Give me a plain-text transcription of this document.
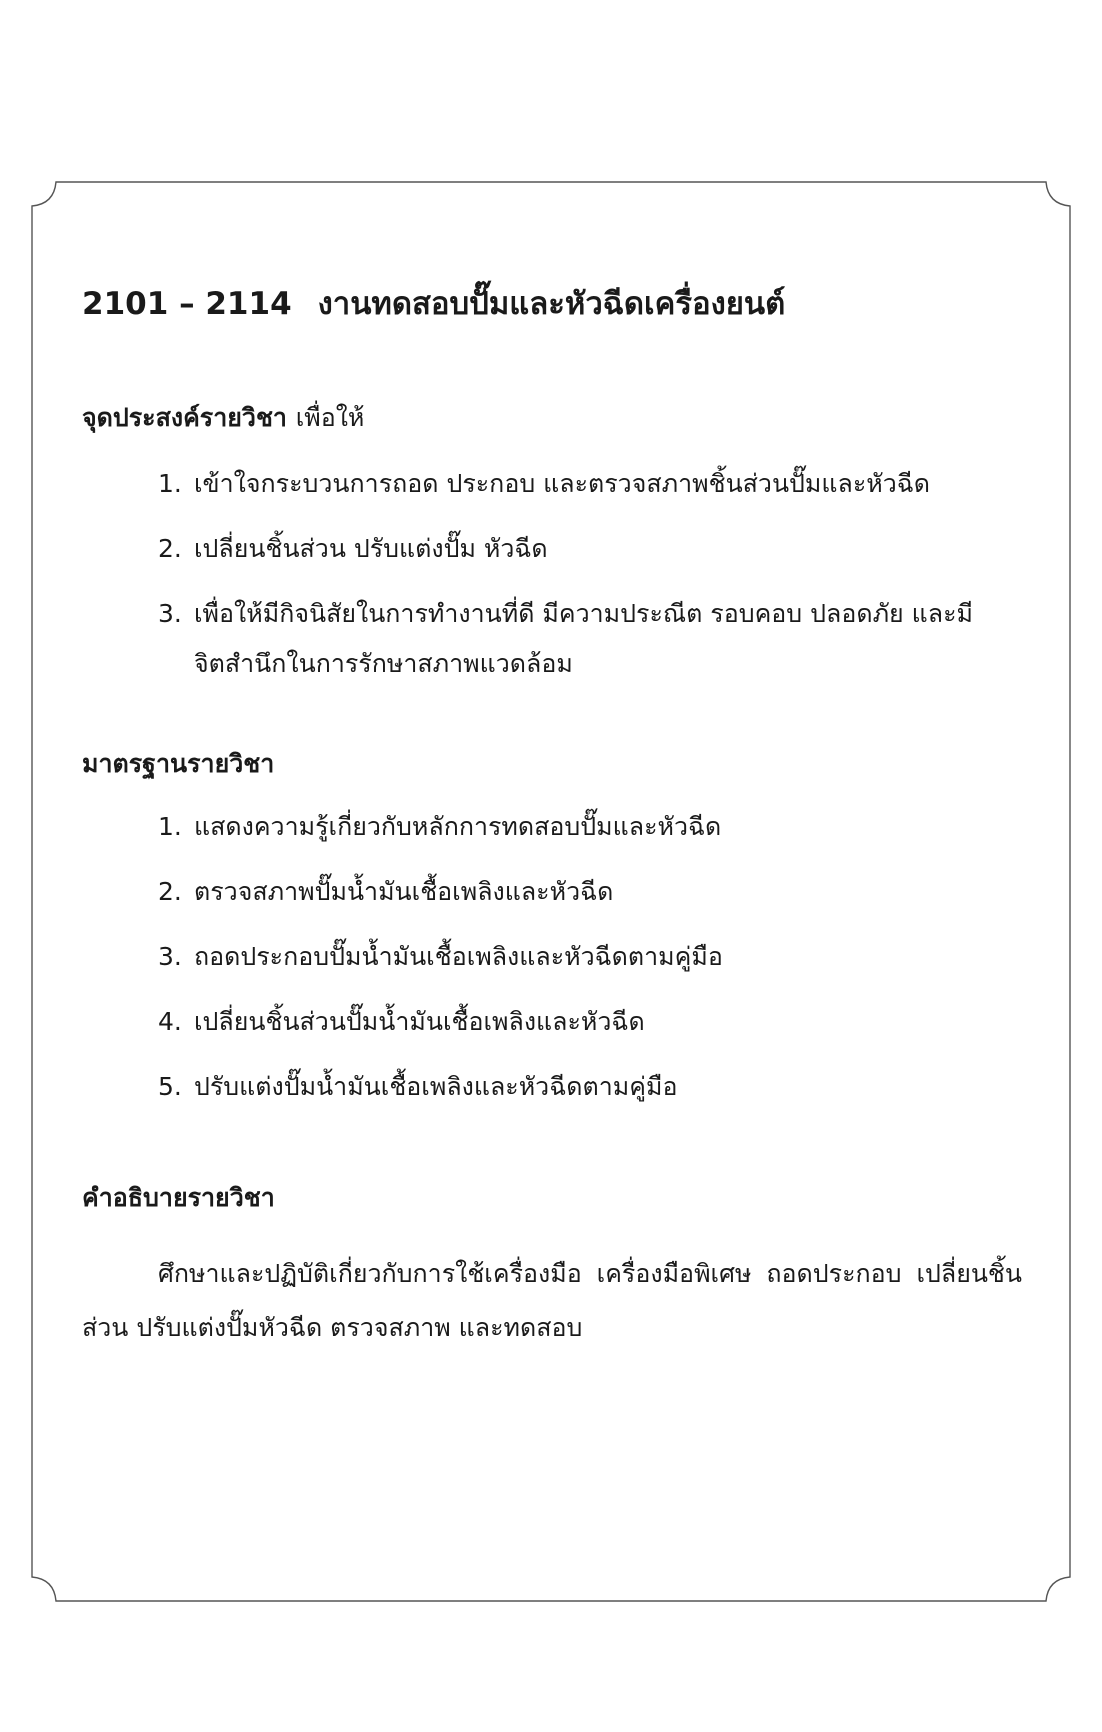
2101 – 2114 งานทดสอบปั๊มและหัวฉีดเครื่องยนต์
จุดประสงค์รายวิชา เพื่อให้
1. เข้าใจกระบวนการถอด ประกอบ และตรวจสภาพชิ้นส่วนปั๊มและหัวฉีด
2. เปลี่ยนชิ้นส่วน ปรับแต่งปั๊ม หัวฉีด
3. เพื่อให้มีกิจนิสัยในการทำงานที่ดี มีความประณีต รอบคอบ ปลอดภัย และมีจิตสำนึกในการรักษาสภาพแวดล้อม
มาตรฐานรายวิชา
1. แสดงความรู้เกี่ยวกับหลักการทดสอบปั๊มและหัวฉีด
2. ตรวจสภาพปั๊มน้ำมันเชื้อเพลิงและหัวฉีด
3. ถอดประกอบปั๊มน้ำมันเชื้อเพลิงและหัวฉีดตามคู่มือ
4. เปลี่ยนชิ้นส่วนปั๊มน้ำมันเชื้อเพลิงและหัวฉีด
5. ปรับแต่งปั๊มน้ำมันเชื้อเพลิงและหัวฉีดตามคู่มือ
คำอธิบายรายวิชา

ศึกษาและปฏิบัติเกี่ยวกับการใช้เครื่องมือ เครื่องมือพิเศษ ถอดประกอบ เปลี่ยนชิ้นส่วน ปรับแต่งปั๊มหัวฉีด ตรวจสภาพ และทดสอบ
